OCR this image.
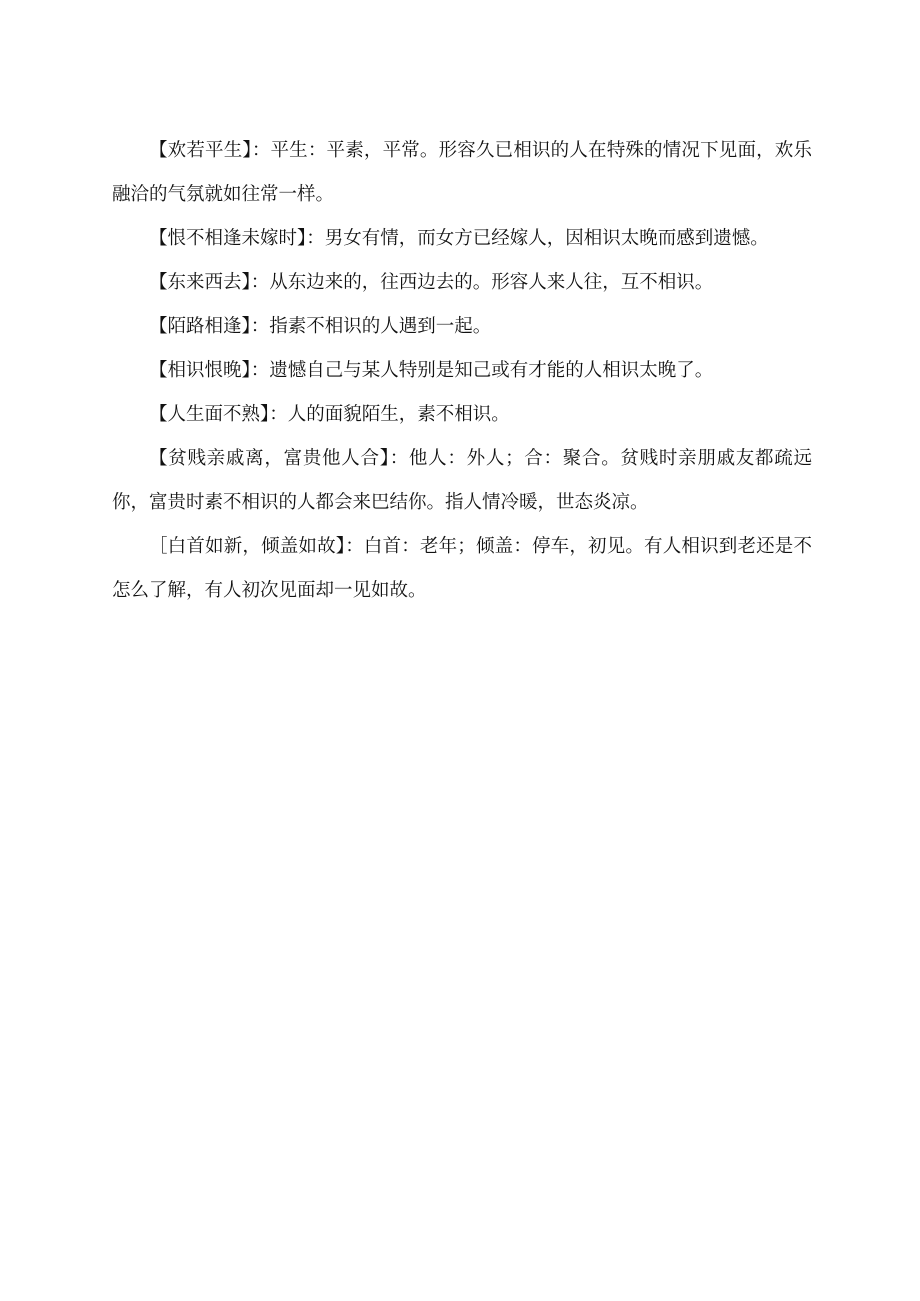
【欢若平生】：平生：平素，平常。形容久已相识的人在特殊的情况下见面，欢乐融洽的气氛就如往常一样。

【恨不相逢未嫁时】：男女有情，而女方已经嫁人，因相识太晚而感到遗憾。

【东来西去】：从东边来的，往西边去的。形容人来人往，互不相识。

【陌路相逢】：指素不相识的人遇到一起。

【相识恨晚】：遗憾自己与某人特别是知己或有才能的人相识太晚了。

【人生面不熟】：人的面貌陌生，素不相识。

【贫贱亲戚离，富贵他人合】：他人：外人；合：聚合。贫贱时亲朋戚友都疏远你，富贵时素不相识的人都会来巴结你。指人情冷暖，世态炎凉。

［白首如新，倾盖如故】：白首：老年；倾盖：停车，初见。有人相识到老还是不怎么了解，有人初次见面却一见如故。
